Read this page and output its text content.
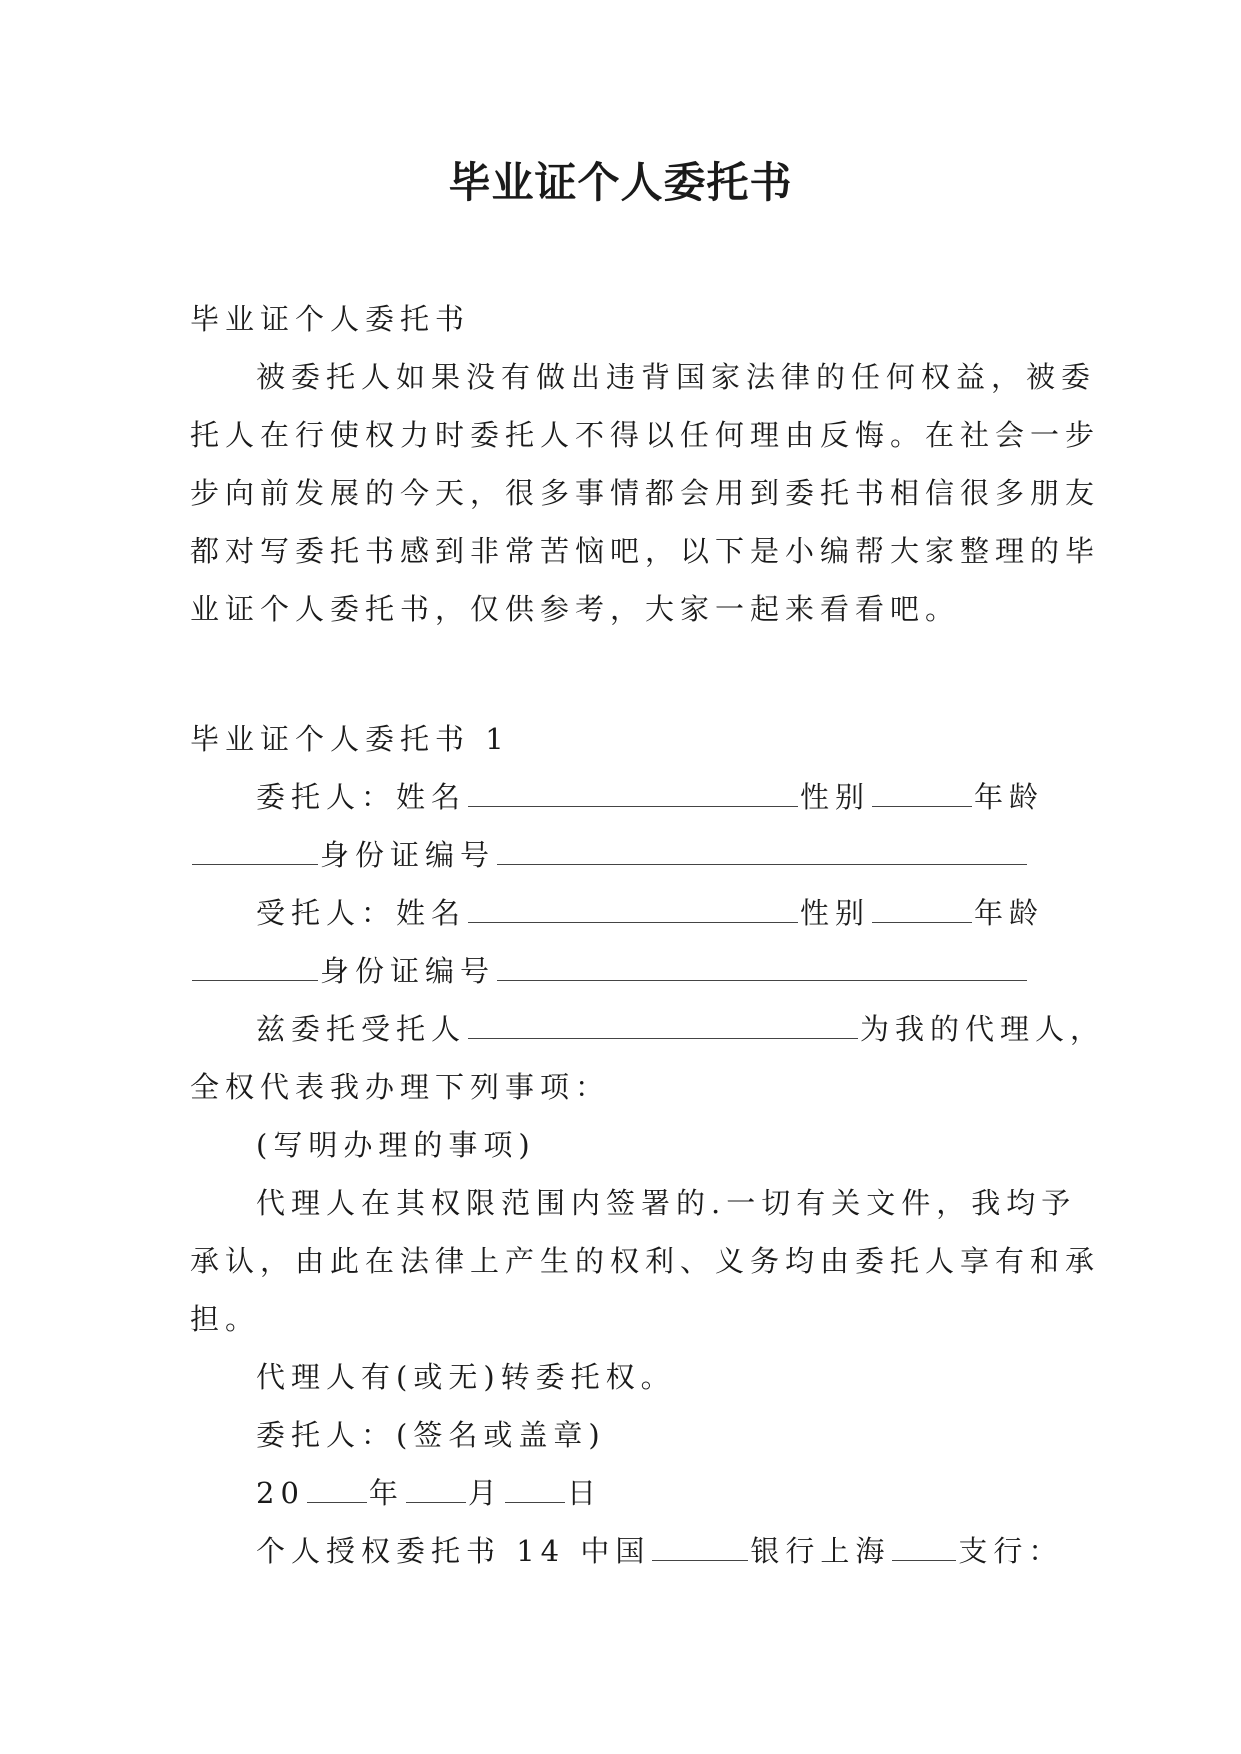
毕业证个人委托书

毕业证个人委托书

被委托人如果没有做出违背国家法律的任何权益，被委

托人在行使权力时委托人不得以任何理由反悔。在社会一步

步向前发展的今天，很多事情都会用到委托书相信很多朋友

都对写委托书感到非常苦恼吧，以下是小编帮大家整理的毕

业证个人委托书，仅供参考，大家一起来看看吧。

毕业证个人委托书 1

委托人：姓名	性别	年龄

身份证编号

受托人：姓名	性别	年龄

身份证编号

兹委托受托人	为我的代理人，

全权代表我办理下列事项：

(写明办理的事项)

代理人在其权限范围内签署的.一切有关文件，我均予

承认，由此在法律上产生的权利、义务均由委托人享有和承

担。

代理人有(或无)转委托权。

委托人：(签名或盖章)

20 年 月 日

个人授权委托书 14 中国	银行上海 支行：
